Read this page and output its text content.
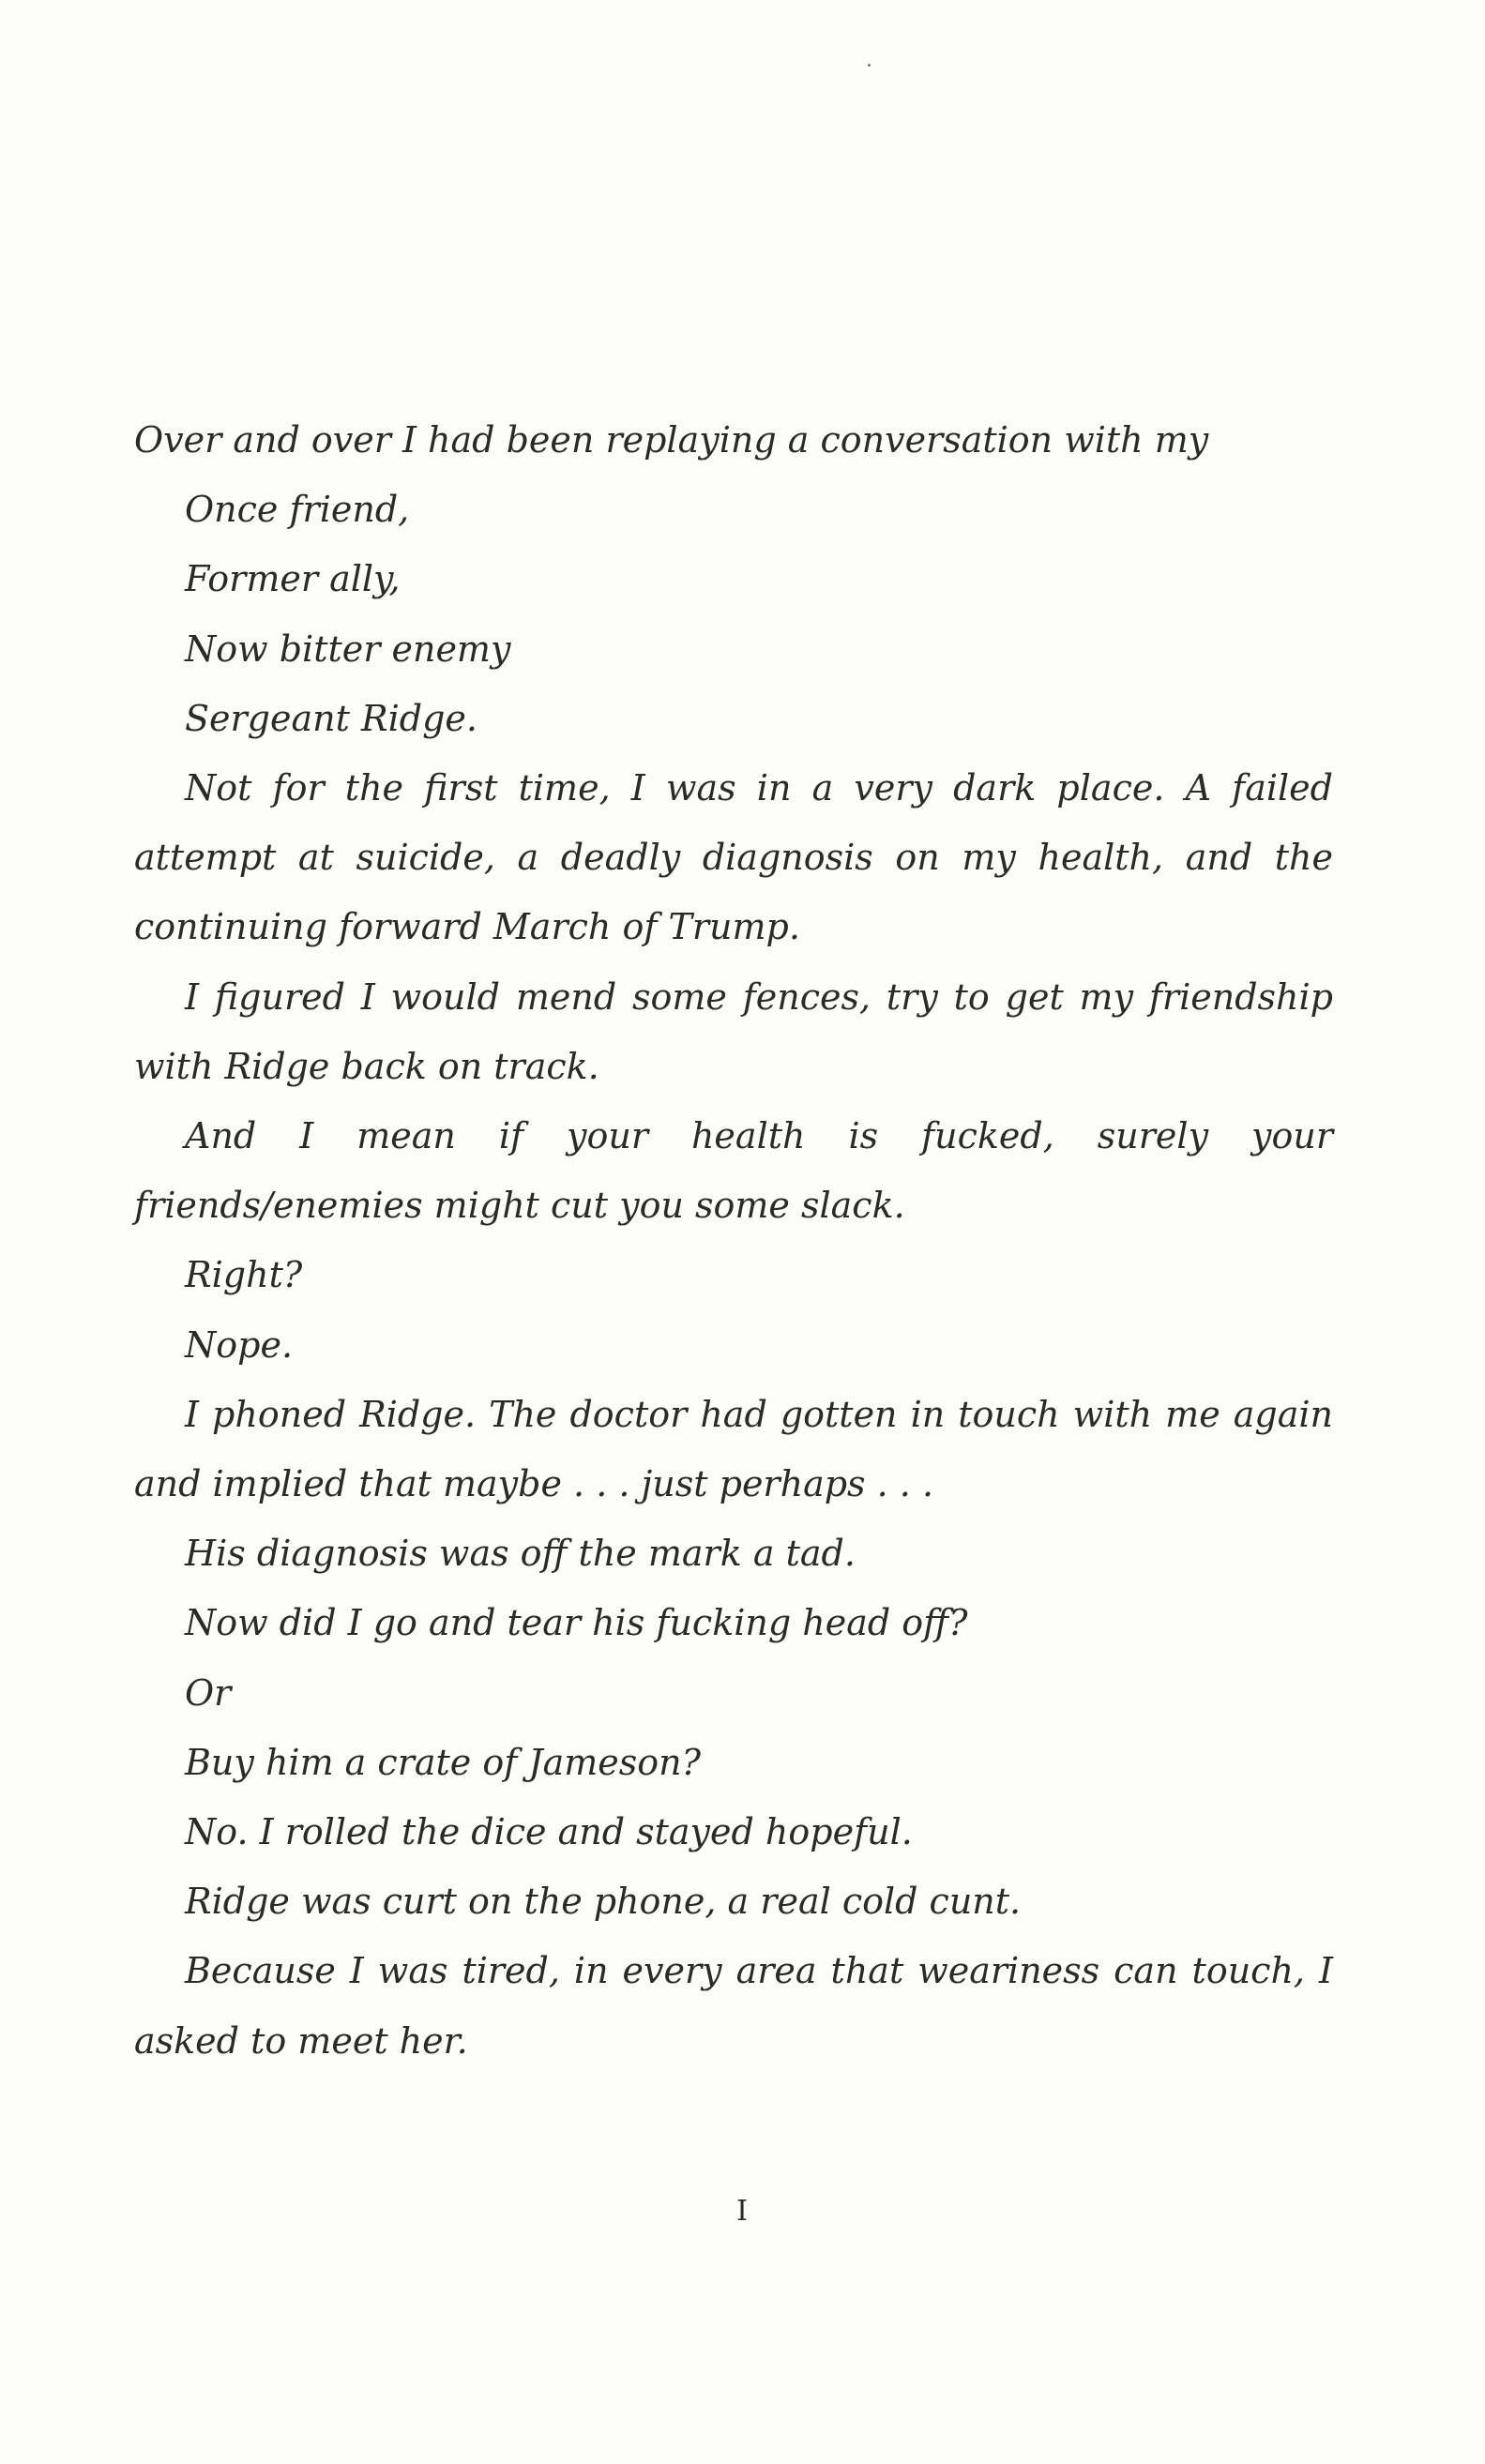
Over and over I had been replaying a conversation with my

Once friend,

Former ally,

Now bitter enemy

Sergeant Ridge.

Not for the first time, I was in a very dark place. A failed attempt at suicide, a deadly diagnosis on my health, and the continuing forward March of Trump.

I figured I would mend some fences, try to get my friendship with Ridge back on track.

And I mean if your health is fucked, surely your friends/enemies might cut you some slack.

Right?

Nope.

I phoned Ridge. The doctor had gotten in touch with me again and implied that maybe . . . just perhaps . . .

His diagnosis was off the mark a tad.

Now did I go and tear his fucking head off?

Or

Buy him a crate of Jameson?

No. I rolled the dice and stayed hopeful.

Ridge was curt on the phone, a real cold cunt.

Because I was tired, in every area that weariness can touch, I asked to meet her.

I
